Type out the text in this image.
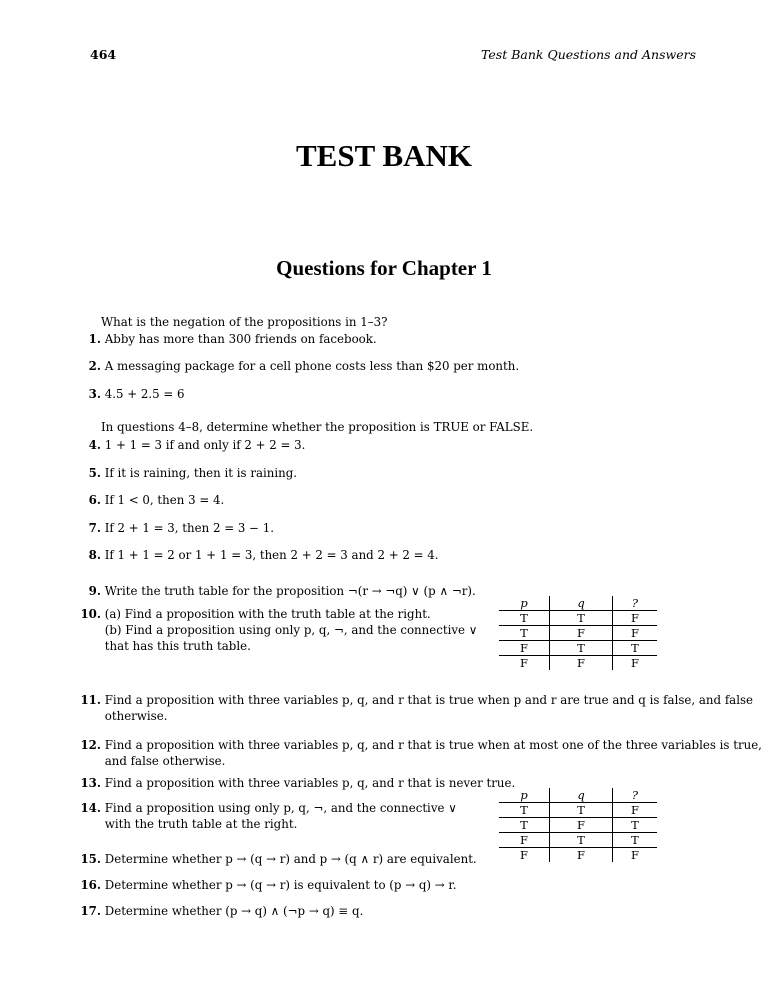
464	Test Bank Questions and Answers
TEST BANK
Questions for Chapter 1
What is the negation of the propositions in 1–3?
1. Abby has more than 300 friends on facebook.
2. A messaging package for a cell phone costs less than $20 per month.
3. 4.5 + 2.5 = 6
In questions 4–8, determine whether the proposition is TRUE or FALSE.
4. 1 + 1 = 3 if and only if 2 + 2 = 3.
5. If it is raining, then it is raining.
6. If 1 < 0, then 3 = 4.
7. If 2 + 1 = 3, then 2 = 3 − 1.
8. If 1 + 1 = 2 or 1 + 1 = 3, then 2 + 2 = 3 and 2 + 2 = 4.
9. Write the truth table for the proposition ¬(r → ¬q) ∨ (p ∧ ¬r).
10. (a) Find a proposition with the truth table at the right.
(b) Find a proposition using only p, q, ¬, and the connective ∨
that has this truth table.
p	q	?
T	T	F
T	F	F
F	T	T
F	F	F
11. Find a proposition with three variables p, q, and r that is true when p and r are true and q is false, and false
otherwise.
12. Find a proposition with three variables p, q, and r that is true when at most one of the three variables is true,
and false otherwise.
13. Find a proposition with three variables p, q, and r that is never true.
14. Find a proposition using only p, q, ¬, and the connective ∨
with the truth table at the right.
p	q	?
T	T	F
T	F	T
F	T	T
F	F	F
15. Determine whether p → (q → r) and p → (q ∧ r) are equivalent.
16. Determine whether p → (q → r) is equivalent to (p → q) → r.
17. Determine whether (p → q) ∧ (¬p → q) ≡ q.
